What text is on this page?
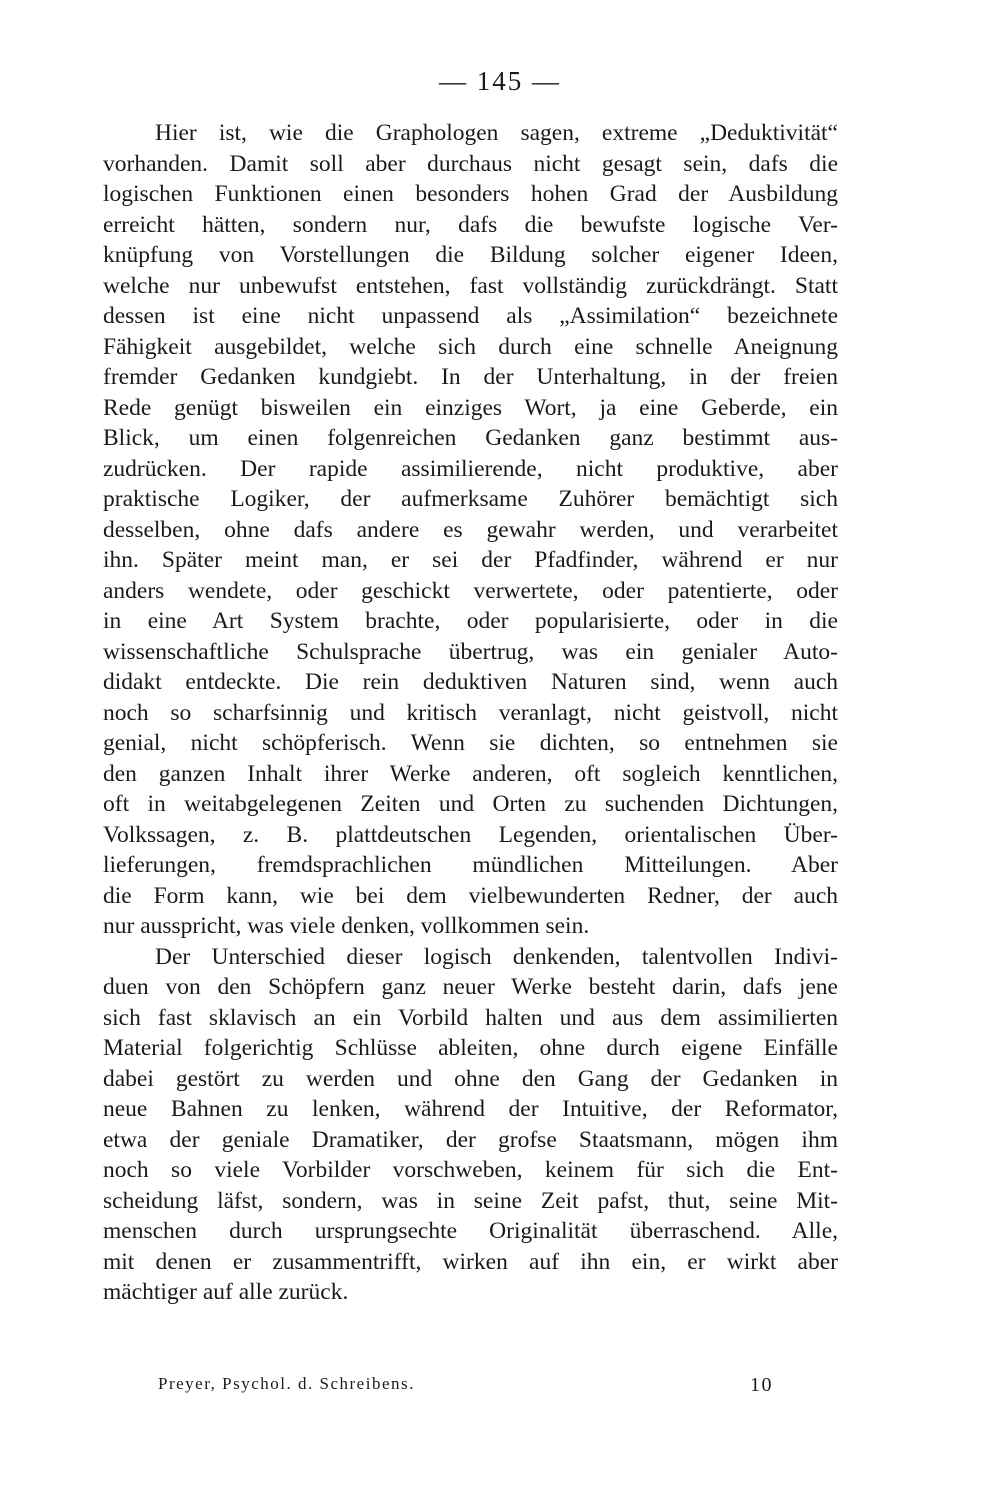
— 145 —
Hier ist, wie die Graphologen sagen, extreme „Deduktivität“
vorhanden. Damit soll aber durchaus nicht gesagt sein, dafs die
logischen Funktionen einen besonders hohen Grad der Ausbildung
erreicht hätten, sondern nur, dafs die bewufste logische Ver-
knüpfung von Vorstellungen die Bildung solcher eigener Ideen,
welche nur unbewufst entstehen, fast vollständig zurückdrängt. Statt
dessen ist eine nicht unpassend als „Assimilation“ bezeichnete
Fähigkeit ausgebildet, welche sich durch eine schnelle Aneignung
fremder Gedanken kundgiebt. In der Unterhaltung, in der freien
Rede genügt bisweilen ein einziges Wort, ja eine Geberde, ein
Blick, um einen folgenreichen Gedanken ganz bestimmt aus-
zudrücken. Der rapide assimilierende, nicht produktive, aber
praktische Logiker, der aufmerksame Zuhörer bemächtigt sich
desselben, ohne dafs andere es gewahr werden, und verarbeitet
ihn. Später meint man, er sei der Pfadfinder, während er nur
anders wendete, oder geschickt verwertete, oder patentierte, oder
in eine Art System brachte, oder popularisierte, oder in die
wissenschaftliche Schulsprache übertrug, was ein genialer Auto-
didakt entdeckte. Die rein deduktiven Naturen sind, wenn auch
noch so scharfsinnig und kritisch veranlagt, nicht geistvoll, nicht
genial, nicht schöpferisch. Wenn sie dichten, so entnehmen sie
den ganzen Inhalt ihrer Werke anderen, oft sogleich kenntlichen,
oft in weitabgelegenen Zeiten und Orten zu suchenden Dichtungen,
Volkssagen, z. B. plattdeutschen Legenden, orientalischen Über-
lieferungen, fremdsprachlichen mündlichen Mitteilungen. Aber
die Form kann, wie bei dem vielbewunderten Redner, der auch
nur ausspricht, was viele denken, vollkommen sein.
Der Unterschied dieser logisch denkenden, talentvollen Indivi-
duen von den Schöpfern ganz neuer Werke besteht darin, dafs jene
sich fast sklavisch an ein Vorbild halten und aus dem assimilierten
Material folgerichtig Schlüsse ableiten, ohne durch eigene Einfälle
dabei gestört zu werden und ohne den Gang der Gedanken in
neue Bahnen zu lenken, während der Intuitive, der Reformator,
etwa der geniale Dramatiker, der grofse Staatsmann, mögen ihm
noch so viele Vorbilder vorschweben, keinem für sich die Ent-
scheidung läfst, sondern, was in seine Zeit pafst, thut, seine Mit-
menschen durch ursprungsechte Originalität überraschend. Alle,
mit denen er zusammentrifft, wirken auf ihn ein, er wirkt aber
mächtiger auf alle zurück.
Preyer, Psychol. d. Schreibens.	10
